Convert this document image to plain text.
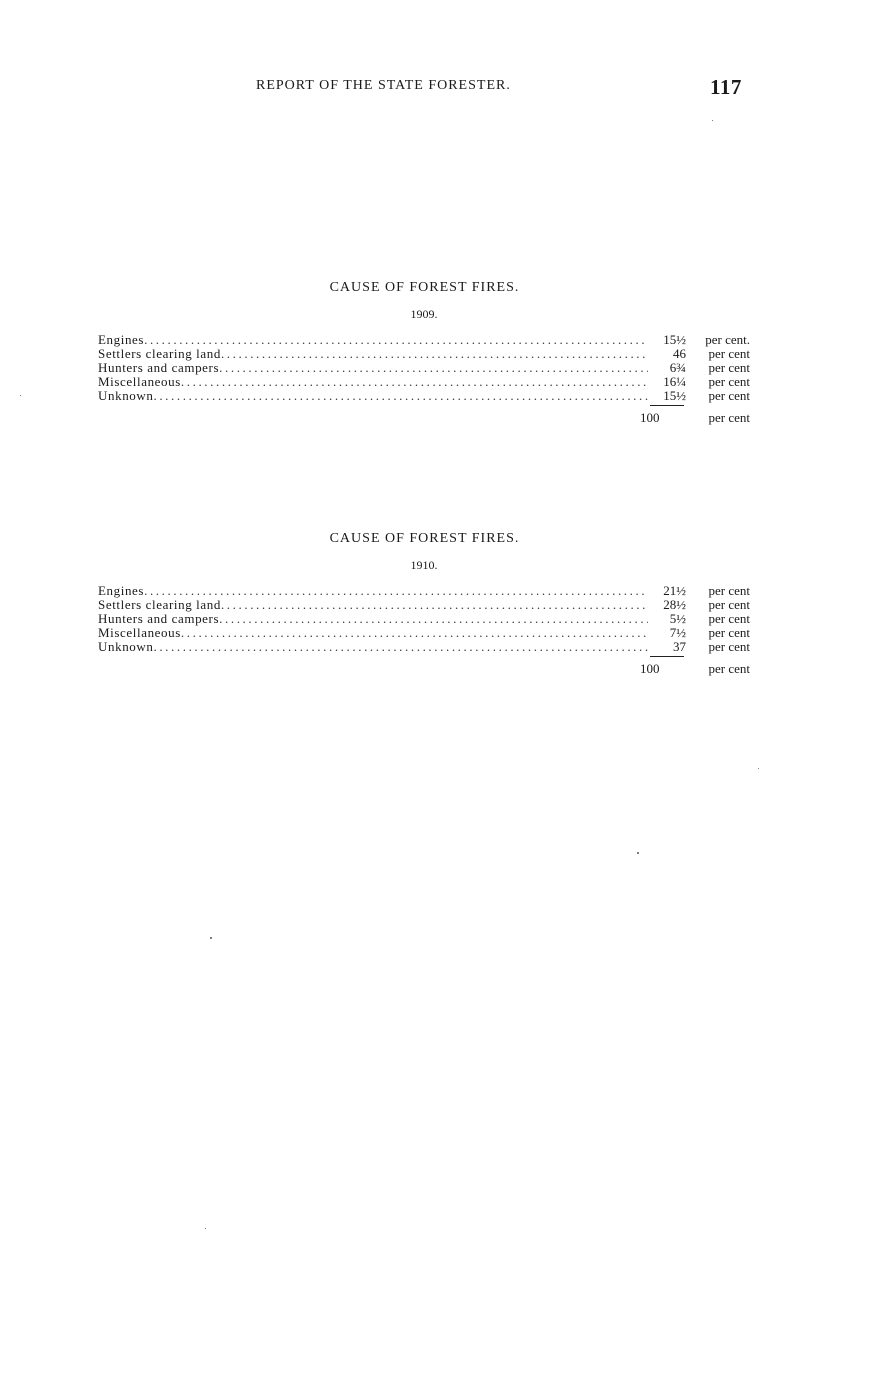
REPORT OF THE STATE FORESTER.	117
CAUSE OF FOREST FIRES.
1909.
Engines .....	15½	per cent.
Settlers clearing land .....	46	per cent
Hunters and campers .....	6¾	per cent
Miscellaneous .....	16¼	per cent
Unknown .....	15½	per cent
100	per cent
CAUSE OF FOREST FIRES.
1910.
Engines .....	21½	per cent
Settlers clearing land .....	28½	per cent
Hunters and campers .....	5½	per cent
Miscellaneous .....	7½	per cent
Unknown .....	37	per cent
100	per cent
